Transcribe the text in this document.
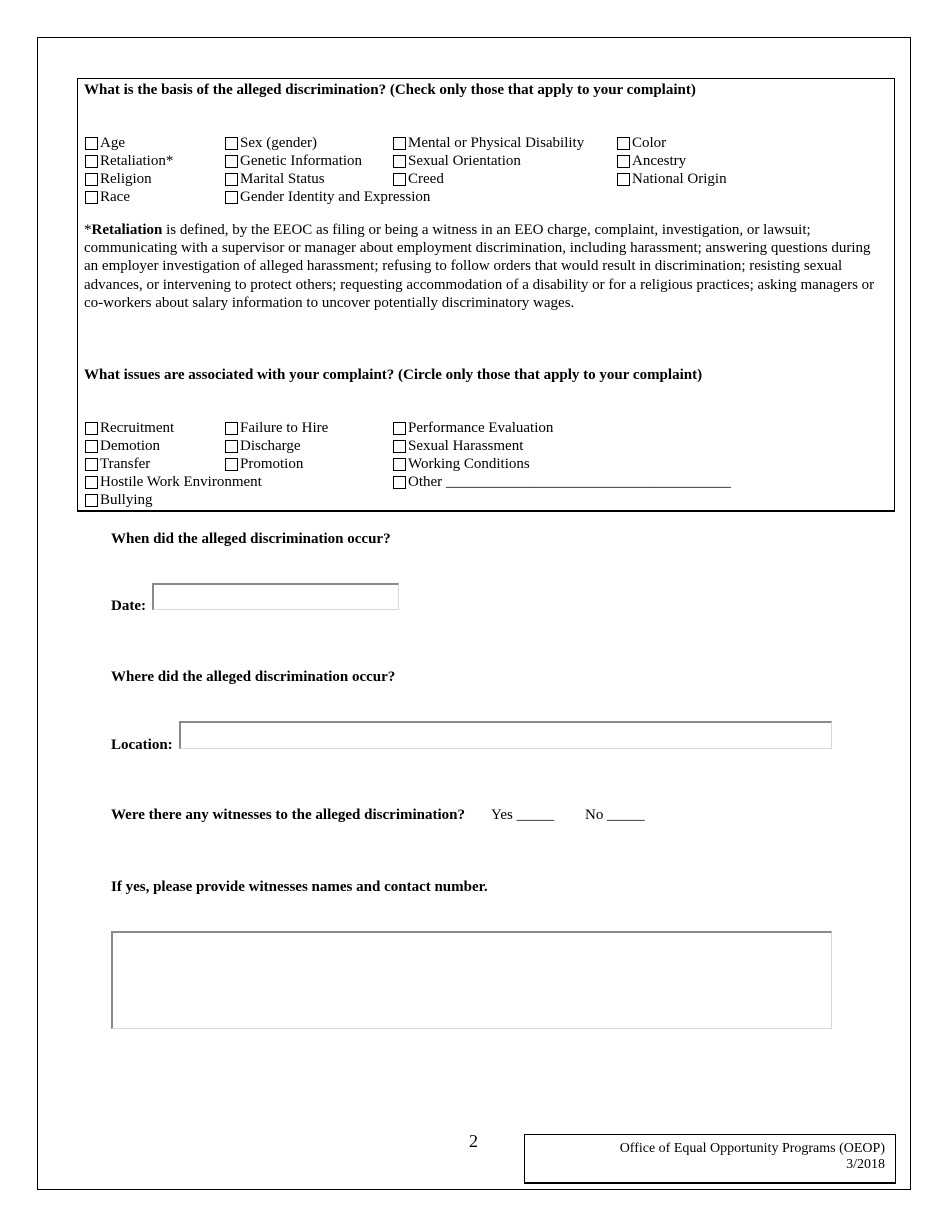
What is the basis of the alleged discrimination? (Check only those that apply to your complaint)
Age
Retaliation*
Religion
Race
Sex (gender)
Genetic Information
Marital Status
Gender Identity and Expression
Mental or Physical Disability
Sexual Orientation
Creed
Color
Ancestry
National Origin
*Retaliation is defined, by the EEOC as filing or being a witness in an EEO charge, complaint, investigation, or lawsuit; communicating with a supervisor or manager about employment discrimination, including harassment; answering questions during an employer investigation of alleged harassment; refusing to follow orders that would result in discrimination; resisting sexual advances, or intervening to protect others; requesting accommodation of a disability or for a religious practices; asking managers or co-workers about salary information to uncover potentially discriminatory wages.
What issues are associated with your complaint? (Circle only those that apply to your complaint)
Recruitment
Demotion
Transfer
Hostile Work Environment
Bullying
Failure to Hire
Discharge
Promotion
Performance Evaluation
Sexual Harassment
Working Conditions
Other ______________________________________
When did the alleged discrimination occur?
Date:
Where did the alleged discrimination occur?
Location:
Were there any witnesses to the alleged discrimination? Yes _____ No _____
If yes, please provide witnesses names and contact number.
2	Office of Equal Opportunity Programs (OEOP)
3/2018
